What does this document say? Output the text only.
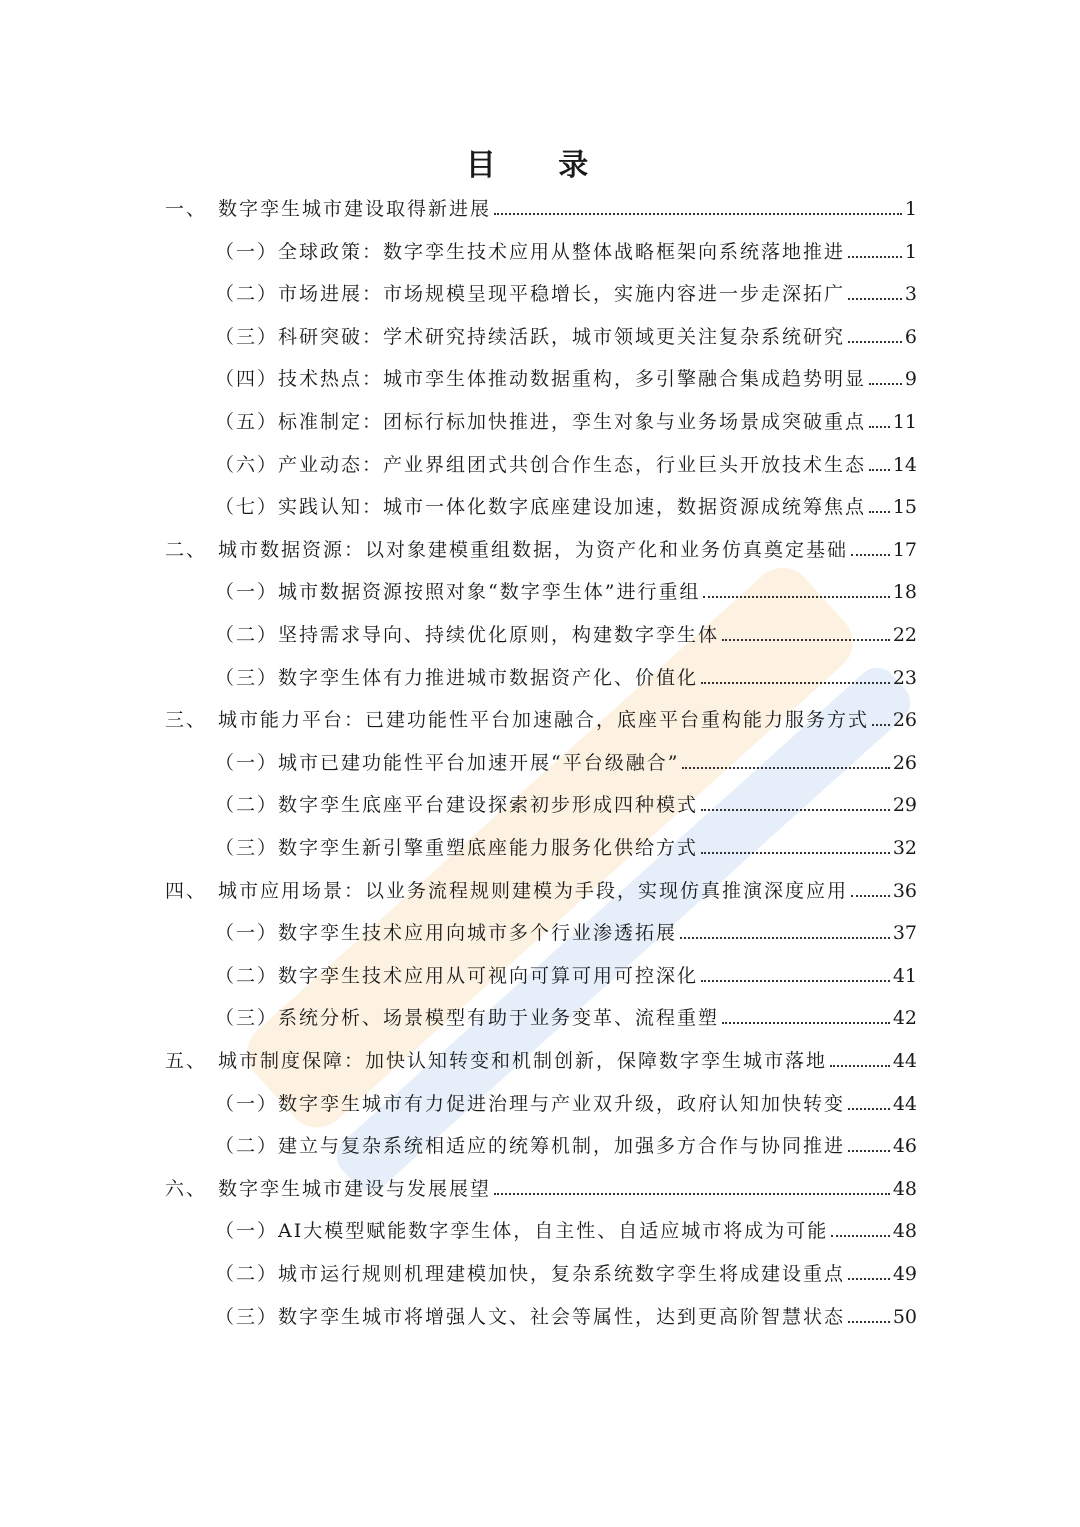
目 录
一、 数字孪生城市建设取得新进展	1
（一） 全球政策：数字孪生技术应用从整体战略框架向系统落地推进	1
（二） 市场进展：市场规模呈现平稳增长，实施内容进一步走深拓广	3
（三） 科研突破：学术研究持续活跃，城市领域更关注复杂系统研究	6
（四） 技术热点：城市孪生体推动数据重构，多引擎融合集成趋势明显 9
（五） 标准制定：团标行标加快推进，孪生对象与业务场景成突破重点 11
（六） 产业动态：产业界组团式共创合作生态，行业巨头开放技术生态 14
（七） 实践认知：城市一体化数字底座建设加速，数据资源成统筹焦点 15
二、 城市数据资源：以对象建模重组数据，为资产化和业务仿真奠定基础 17
（一） 城市数据资源按照对象“数字孪生体”进行重组	18
（二） 坚持需求导向、持续优化原则，构建数字孪生体	22
（三） 数字孪生体有力推进城市数据资产化、价值化	23
三、 城市能力平台：已建功能性平台加速融合，底座平台重构能力服务方式 26
（一） 城市已建功能性平台加速开展“平台级融合”	26
（二） 数字孪生底座平台建设探索初步形成四种模式	29
（三） 数字孪生新引擎重塑底座能力服务化供给方式	32
四、 城市应用场景：以业务流程规则建模为手段，实现仿真推演深度应用 36
（一） 数字孪生技术应用向城市多个行业渗透拓展	37
（二） 数字孪生技术应用从可视向可算可用可控深化	41
（三） 系统分析、场景模型有助于业务变革、流程重塑	42
五、 城市制度保障：加快认知转变和机制创新，保障数字孪生城市落地	44
（一） 数字孪生城市有力促进治理与产业双升级，政府认知加快转变	44
（二） 建立与复杂系统相适应的统筹机制，加强多方合作与协同推进	46
六、 数字孪生城市建设与发展展望	48
（一） AI大模型赋能数字孪生体，自主性、自适应城市将成为可能	48
（二） 城市运行规则机理建模加快，复杂系统数字孪生将成建设重点	49
（三） 数字孪生城市将增强人文、社会等属性，达到更高阶智慧状态	50
